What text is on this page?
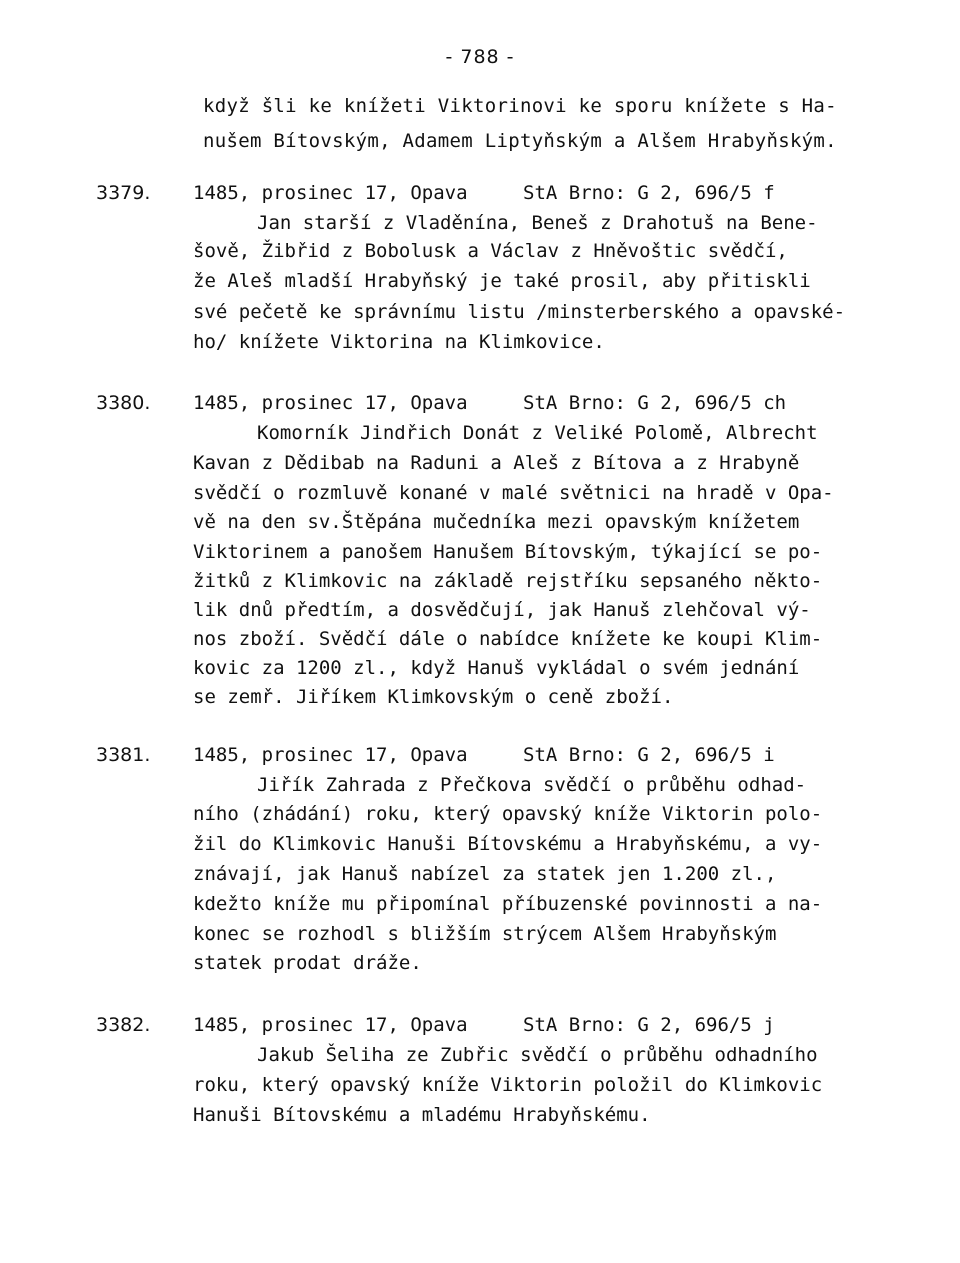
- 788 -
když šli ke knížeti Viktorinovi ke sporu knížete s Ha-
nušem Bítovským, Adamem Liptyňským a Alšem Hrabyňským.
3379. 1485, prosinec 17, Opava	StA Brno: G 2, 696/5 f
Jan starší z Vladěnína, Beneš z Drahotuš na Bene-
šově, Žibřid z Bobolusk a Václav z Hněvoštic svědčí,
že Aleš mladší Hrabyňský je také prosil, aby přitiskli
své pečetě ke správnímu listu /minsterberského a opavské-
ho/ knížete Viktorina na Klimkovice.
3380. 1485, prosinec 17, Opava	StA Brno: G 2, 696/5 ch
Komorník Jindřich Donát z Veliké Polomě, Albrecht
Kavan z Dědibab na Raduni a Aleš z Bítova a z Hrabyně
svědčí o rozmluvě konané v malé světnici na hradě v Opa-
vě na den sv.Štěpána mučedníka mezi opavským knížetem
Viktorinem a panošem Hanušem Bítovským, týkající se po-
žitků z Klimkovic na základě rejstříku sepsaného někto-
lik dnů předtím, a dosvědčují, jak Hanuš zlehčoval vý-
nos zboží. Svědčí dále o nabídce knížete ke koupi Klim-
kovic za 1200 zl., když Hanuš vykládal o svém jednání
se zemř. Jiříkem Klimkovským o ceně zboží.
3381. 1485, prosinec 17, Opava	StA Brno: G 2, 696/5 i
Jiřík Zahrada z Přečkova svědčí o průběhu odhad-
ního (zhádání) roku, který opavský kníže Viktorin polo-
žil do Klimkovic Hanuši Bítovskému a Hrabyňskému, a vy-
znávají, jak Hanuš nabízel za statek jen 1.200 zl.,
kdežto kníže mu připomínal příbuzenské povinnosti a na-
konec se rozhodl s bližším strýcem Alšem Hrabyňským
statek prodat dráže.
3382. 1485, prosinec 17, Opava	StA Brno: G 2, 696/5 j
Jakub Šeliha ze Zubřic svědčí o průběhu odhadního
roku, který opavský kníže Viktorin položil do Klimkovic
Hanuši Bítovskému a mladému Hrabyňskému.
